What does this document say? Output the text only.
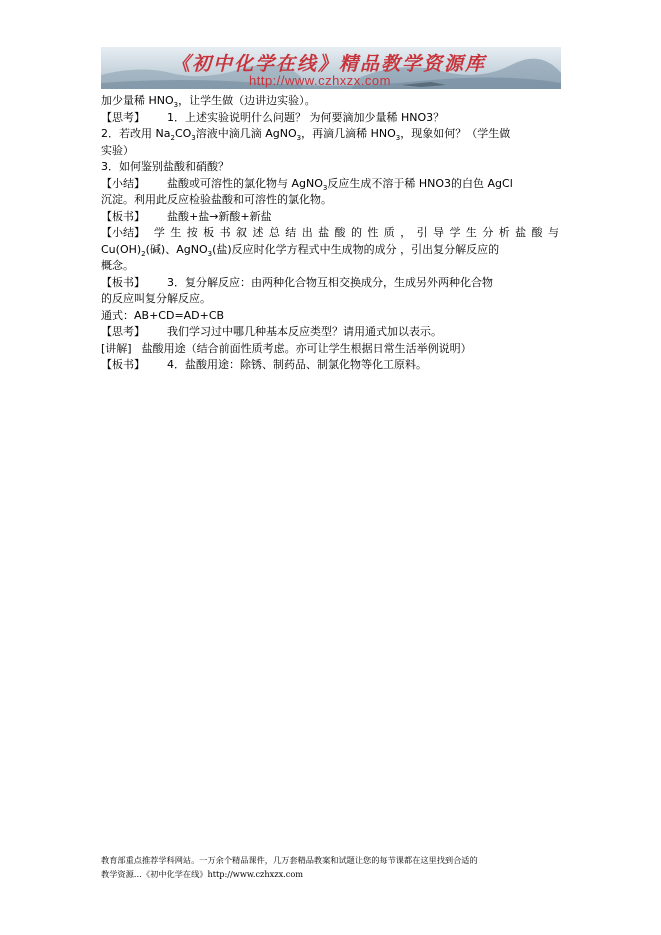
《初中化学在线》精品教学资源库
http://www.czhxzx.com
加少量稀 $HNO_3$，让学生做（边讲边实验）。
【思考】 1．上述实验说明什么问题？ 为何要滴加少量稀 HNO3？
2．若改用 $Na_2CO_3$溶液中滴几滴 AgNO$_3$，再滴几滴稀 $HNO_3$，现象如何？（学生做
实验）
3．如何鉴别盐酸和硝酸？
【小结】 盐酸或可溶性的氯化物与 AgNO$_3$反应生成不溶于稀 HNO3的白色 AgCl
沉淀。利用此反应检验盐酸和可溶性的氯化物。
【板书】 盐酸+盐→新酸+新盐
【小结】 学生按板书叙述总结出盐酸的性质，引导学生分析盐酸与
$Cu(OH)_2$(碱)、AgNO$_3$(盐)反应时化学方程式中生成物的成分 ，引出复分解反应的
概念。
【板书】 3．复分解反应：由两种化合物互相交换成分，生成另外两种化合物
的反应叫复分解反应。
通式：AB+CD=AD+CB
【思考】 我们学习过中哪几种基本反应类型？请用通式加以表示。
[讲解] 盐酸用途（结合前面性质考虑。亦可让学生根据日常生活举例说明）
【板书】 4．盐酸用途：除锈、制药品、制氯化物等化工原料。
教育部重点推荐学科网站。一万余个精品课件，几万套精品教案和试题让您的每节课都在这里找到合适的
教学资源…《初中化学在线》http://www.czhxzx.com
